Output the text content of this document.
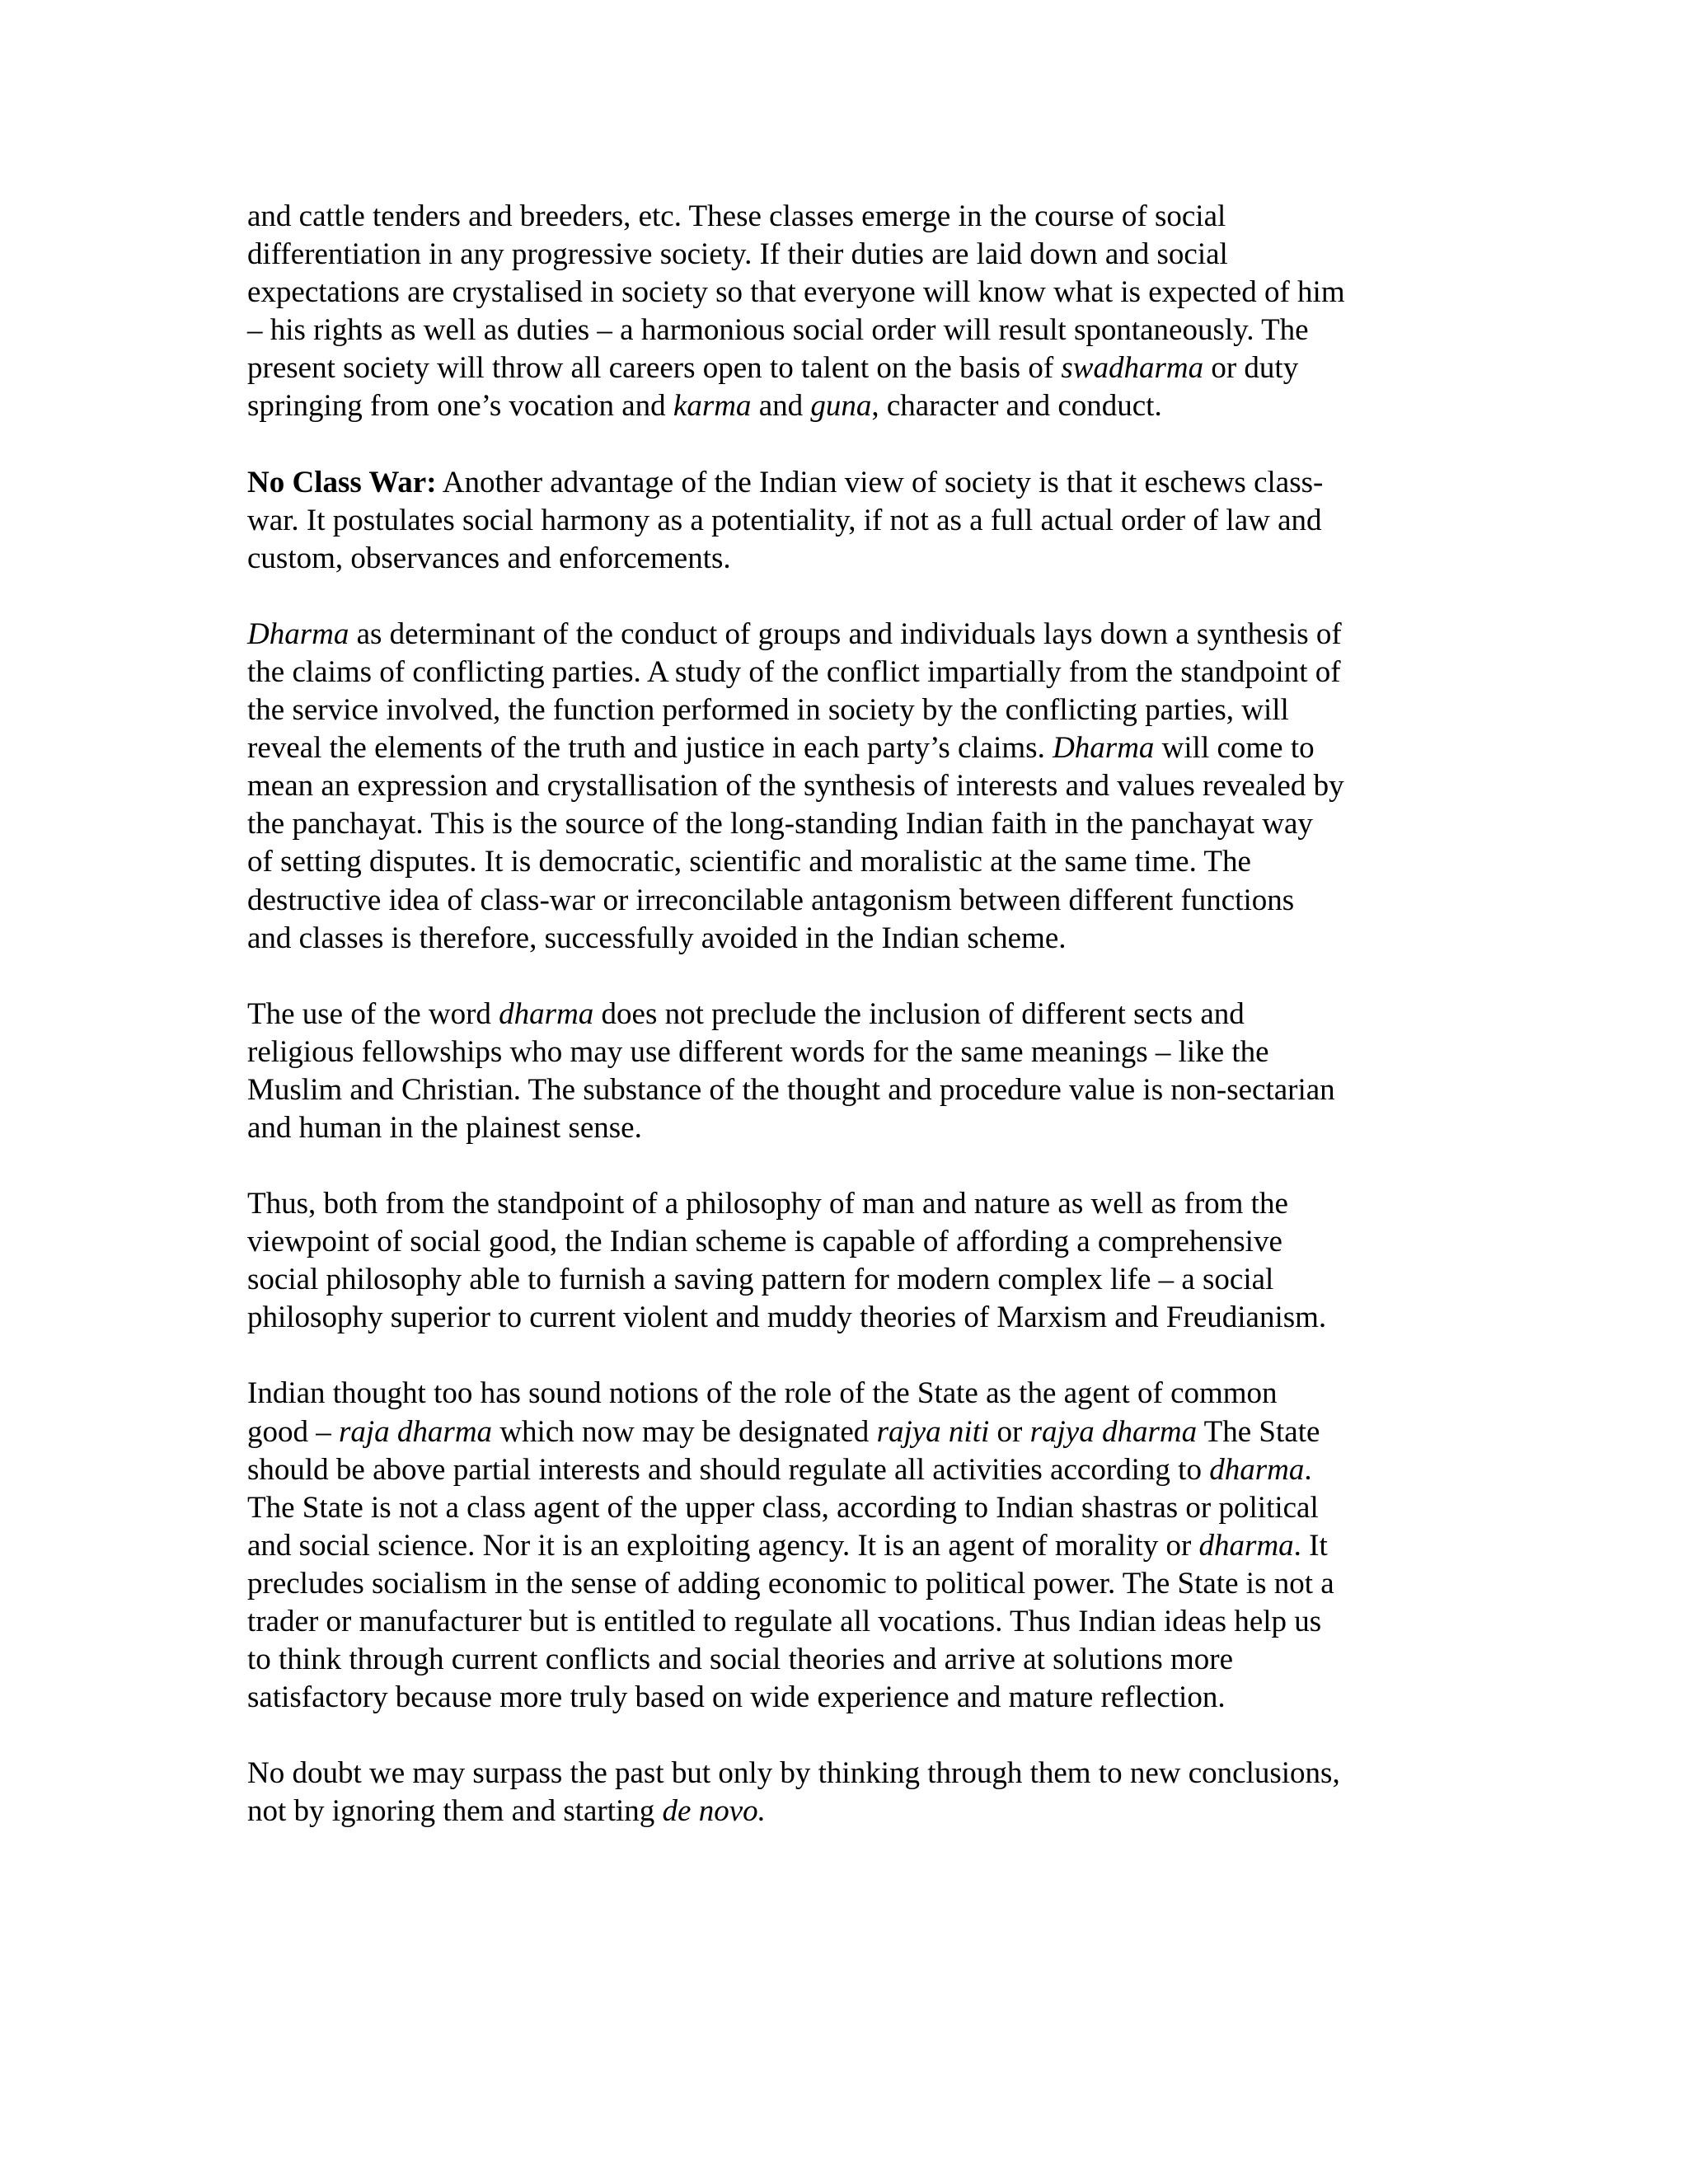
and cattle tenders and breeders, etc. These classes emerge in the course of social
differentiation in any progressive society. If their duties are laid down and social
expectations are crystalised in society so that everyone will know what is expected of him
– his rights as well as duties – a harmonious social order will result spontaneously. The
present society will throw all careers open to talent on the basis of swadharma or duty
springing from one’s vocation and karma and guna, character and conduct.

No Class War: Another advantage of the Indian view of society is that it eschews class-
war. It postulates social harmony as a potentiality, if not as a full actual order of law and
custom, observances and enforcements.

Dharma as determinant of the conduct of groups and individuals lays down a synthesis of
the claims of conflicting parties. A study of the conflict impartially from the standpoint of
the service involved, the function performed in society by the conflicting parties, will
reveal the elements of the truth and justice in each party’s claims. Dharma will come to
mean an expression and crystallisation of the synthesis of interests and values revealed by
the panchayat. This is the source of the long-standing Indian faith in the panchayat way
of setting disputes. It is democratic, scientific and moralistic at the same time. The
destructive idea of class-war or irreconcilable antagonism between different functions
and classes is therefore, successfully avoided in the Indian scheme.

The use of the word dharma does not preclude the inclusion of different sects and
religious fellowships who may use different words for the same meanings – like the
Muslim and Christian. The substance of the thought and procedure value is non-sectarian
and human in the plainest sense.

Thus, both from the standpoint of a philosophy of man and nature as well as from the
viewpoint of social good, the Indian scheme is capable of affording a comprehensive
social philosophy able to furnish a saving pattern for modern complex life – a social
philosophy superior to current violent and muddy theories of Marxism and Freudianism.

Indian thought too has sound notions of the role of the State as the agent of common
good – raja dharma which now may be designated rajya niti or rajya dharma The State
should be above partial interests and should regulate all activities according to dharma.
The State is not a class agent of the upper class, according to Indian shastras or political
and social science. Nor it is an exploiting agency. It is an agent of morality or dharma. It
precludes socialism in the sense of adding economic to political power. The State is not a
trader or manufacturer but is entitled to regulate all vocations. Thus Indian ideas help us
to think through current conflicts and social theories and arrive at solutions more
satisfactory because more truly based on wide experience and mature reflection.

No doubt we may surpass the past but only by thinking through them to new conclusions,
not by ignoring them and starting de novo.
